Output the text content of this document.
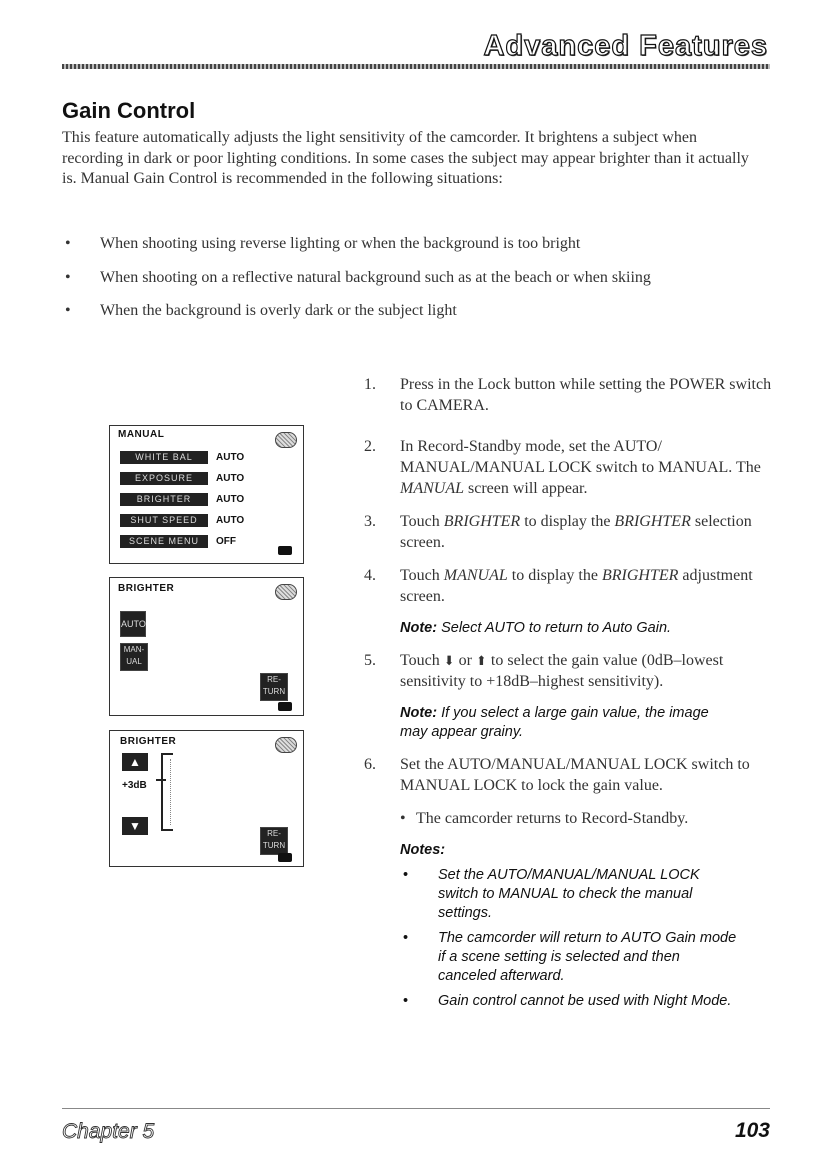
Advanced Features
Gain Control
This feature automatically adjusts the light sensitivity of the camcorder. It brightens a subject when recording in dark or poor lighting conditions. In some cases the subject may appear brighter than it actually is. Manual Gain Control is recommended in the following situations:
• When shooting using reverse lighting or when the background is too bright
• When shooting on a reflective natural background such as at the beach or when skiing
• When the background is overly dark or the subject light
MANUAL
WHITE BAL	AUTO
EXPOSURE	AUTO
BRIGHTER	AUTO
SHUT SPEED	AUTO
SCENE MENU	OFF
BRIGHTER
AUTO
MAN-UAL
RE-TURN
BRIGHTER
▲
+3dB
▼
RE-TURN
1. Press in the Lock button while setting the POWER switch to CAMERA.
2. In Record-Standby mode, set the AUTO/ MANUAL/MANUAL LOCK switch to MANUAL. The MANUAL screen will appear.
3. Touch BRIGHTER to display the BRIGHTER selection screen.
4. Touch MANUAL to display the BRIGHTER adjustment screen.
Note: Select AUTO to return to Auto Gain.
5. Touch ⬇ or ⬆ to select the gain value (0dB–lowest sensitivity to +18dB–highest sensitivity).
Note: If you select a large gain value, the image may appear grainy.
6. Set the AUTO/MANUAL/MANUAL LOCK switch to MANUAL LOCK to lock the gain value.
• The camcorder returns to Record-Standby.
Notes:
• Set the AUTO/MANUAL/MANUAL LOCK switch to MANUAL to check the manual settings.
• The camcorder will return to AUTO Gain mode if a scene setting is selected and then canceled afterward.
• Gain control cannot be used with Night Mode.
Chapter 5	103
